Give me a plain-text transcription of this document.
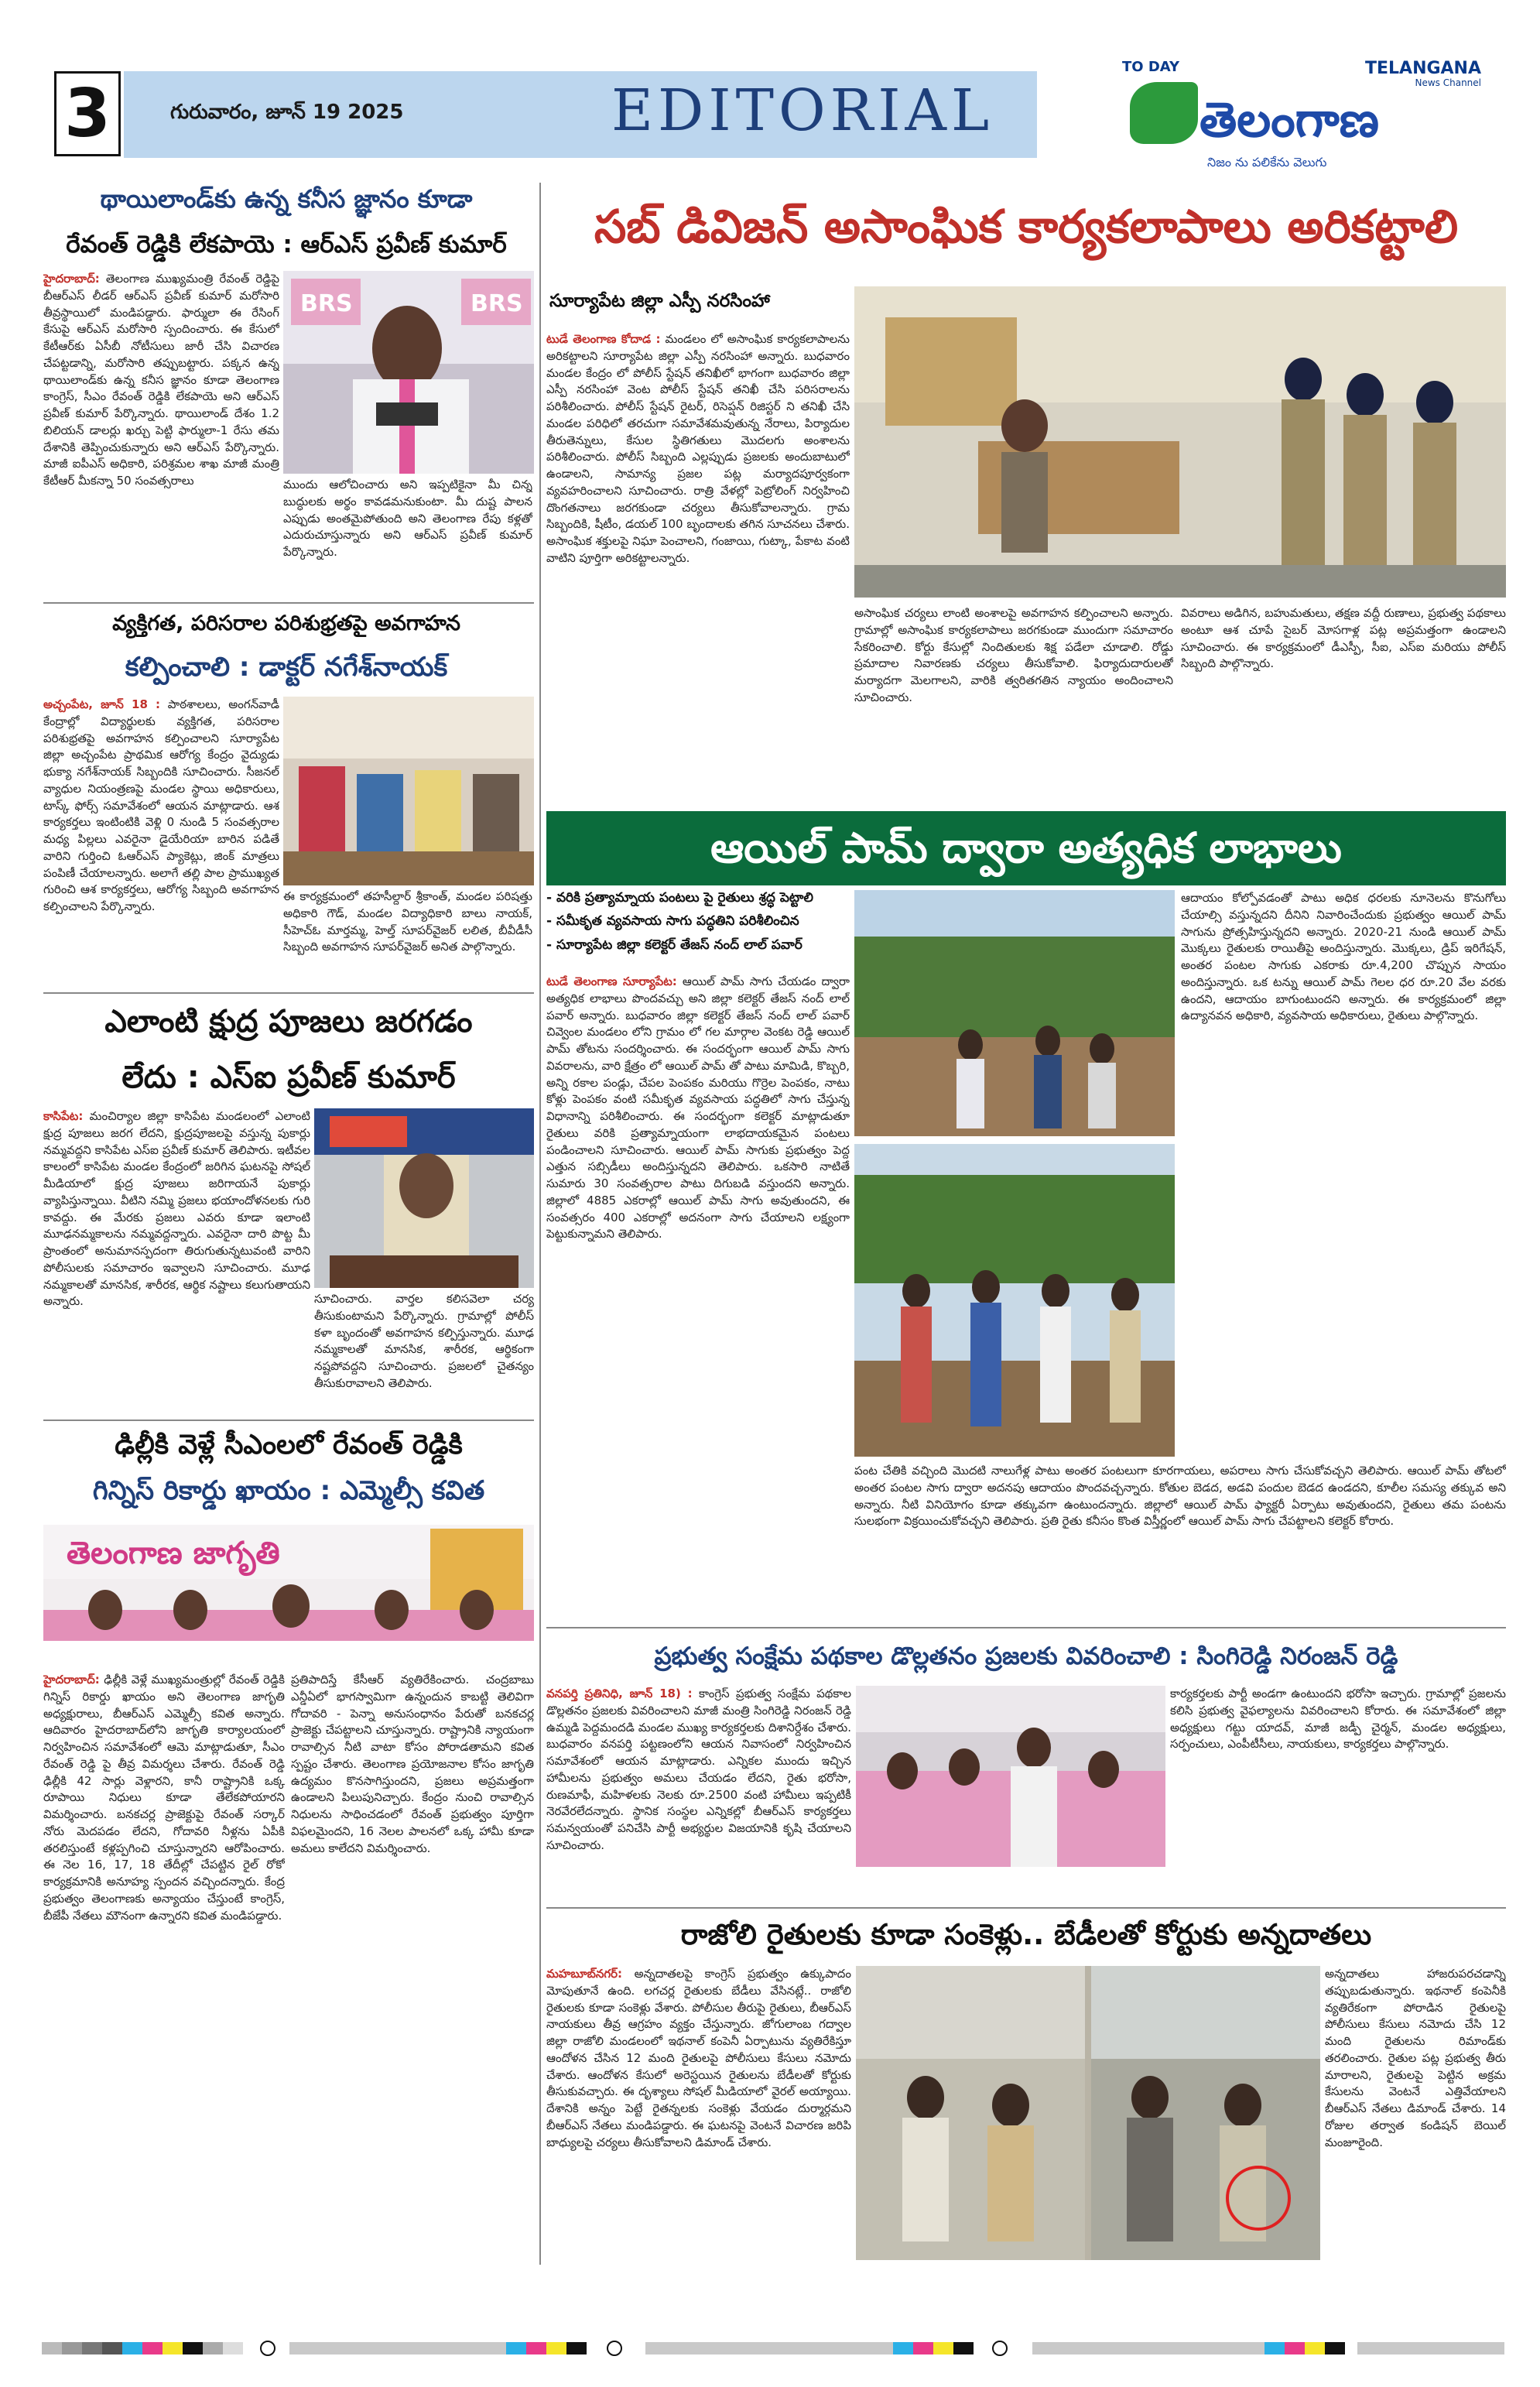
3	గురువారం, జూన్ 19 2025	EDITORIAL
TO DAY	TELANGANA
News Channel
తెలంగాణ
నిజం ను పలికేను వెలుగు
థాయిలాండ్‌కు ఉన్న కనీస జ్ఞానం కూడా
రేవంత్ రెడ్డికి లేకపాయె : ఆర్ఎస్ ప్రవీణ్ కుమార్
హైదరాబాద్: తెలంగాణ ముఖ్యమంత్రి రేవంత్ రెడ్డిపై బీఆర్ఎస్ లీడర్ ఆర్ఎస్ ప్రవీణ్ కుమార్ మరోసారి తీవ్రస్థాయిలో మండిపడ్డారు. ఫార్ములా ఈ రేసింగ్ కేసుపై ఆర్ఎస్ మరోసారి స్పందించారు. ఈ కేసులో కేటీఆర్‌కు ఏసీబీ నోటీసులు జారీ చేసి విచారణ చేపట్టడాన్ని, మరోసారి తప్పుబట్టారు. పక్కన ఉన్న థాయిలాండ్‌కు ఉన్న కనీస జ్ఞానం కూడా తెలంగాణ కాంగ్రెస్, సీఎం రేవంత్ రెడ్డికి లేకపాయె అని ఆర్ఎస్ ప్రవీణ్ కుమార్ పేర్కొన్నారు. థాయిలాండ్ దేశం 1.2 బిలియన్ డాలర్లు ఖర్చు పెట్టి ఫార్ములా-1 రేసు తమ దేశానికి తెప్పించుకున్నారు అని ఆర్ఎస్ పేర్కొన్నారు. మాజీ ఐపీఎస్ అధికారి, పరిశ్రమల శాఖ మాజీ మంత్రి కేటీఆర్ మీకన్నా 50 సంవత్సరాలు
BRS	BRS
ముందు ఆలోచించారు అని ఇప్పటికైనా మీ చిన్న బుద్ధులకు అర్థం కావడమనుకుంటా. మీ దుష్ట పాలన ఎప్పుడు అంతమైపోతుంది అని తెలంగాణ రేపు కళ్లతో ఎదురుచూస్తున్నారు అని ఆర్ఎస్ ప్రవీణ్ కుమార్ పేర్కొన్నారు.
వ్యక్తిగత, పరిసరాల పరిశుభ్రతపై అవగాహన
కల్పించాలి : డాక్టర్ నగేశ్‌నాయక్
అచ్చంపేట, జూన్ 18 : పాఠశాలలు, అంగన్‌వాడీ కేంద్రాల్లో విద్యార్థులకు వ్యక్తిగత, పరిసరాల పరిశుభ్రతపై అవగాహన కల్పించాలని సూర్యాపేట జిల్లా అచ్చంపేట ప్రాథమిక ఆరోగ్య కేంద్రం వైద్యుడు భుక్యా నగేశ్‌నాయక్ సిబ్బందికి సూచించారు. సీజనల్ వ్యాధుల నియంత్రణపై మండల స్థాయి అధికారులు, టాస్క్ ఫోర్స్ సమావేశంలో ఆయన మాట్లాడారు. ఆశ కార్యకర్తలు ఇంటింటికి వెళ్లి 0 నుండి 5 సంవత్సరాల మధ్య పిల్లలు ఎవరైనా డైయేరియా బారిన పడితే వారిని గుర్తించి ఓఆర్ఎస్ ప్యాకెట్లు, జింక్ మాత్రలు పంపిణీ చేయాలన్నారు. అలాగే తల్లి పాల ప్రాముఖ్యత గురించి ఆశ కార్యకర్తలు, ఆరోగ్య సిబ్బంది అవగాహన కల్పించాలని పేర్కొన్నారు.
ఈ కార్యక్రమంలో తహసీల్దార్ శ్రీకాంత్, మండల పరిషత్తు అధికారి గౌడ్, మండల విద్యాధికారి బాలు నాయక్, సీహెచ్ఓ మార్తమ్మ, హెల్త్ సూపర్‌వైజర్ లలిత, బీవీడీసీ సిబ్బంది అవగాహన సూపర్‌వైజర్ అనిత పాల్గొన్నారు.
ఎలాంటి క్షుద్ర పూజలు జరగడం
లేదు : ఎస్ఐ ప్రవీణ్ కుమార్
కాసిపేట: మంచిర్యాల జిల్లా కాసిపేట మండలంలో ఎలాంటి క్షుద్ర పూజలు జరగ లేదని, క్షుద్రపూజలపై వస్తున్న పుకార్లు నమ్మవద్దని కాసిపేట ఎస్ఐ ప్రవీణ్ కుమార్ తెలిపారు. ఇటీవల కాలంలో కాసిపేట మండల కేంద్రంలో జరిగిన ఘటనపై సోషల్ మీడియాలో క్షుద్ర పూజలు జరిగాయనే పుకార్లు వ్యాపిస్తున్నాయి. వీటిని నమ్మి ప్రజలు భయాందోళనలకు గురి కావద్దు. ఈ మేరకు ప్రజలు ఎవరు కూడా ఇలాంటి మూఢనమ్మకాలను నమ్మవద్దన్నారు. ఎవరైనా దారి పొట్ట మీ ప్రాంతంలో అనుమానస్పదంగా తిరుగుతున్నటువంటి వారిని పోలీసులకు సమాచారం ఇవ్వాలని సూచించారు. మూఢ నమ్మకాలతో మానసిక, శారీరక, ఆర్థిక నష్టాలు కలుగుతాయని అన్నారు.	సూచించారు. వార్తల కలిసవెలా చర్య తీసుకుంటామని పేర్కొన్నారు. గ్రామాల్లో పోలీస్ కళా బృందంతో అవగాహన కల్పిస్తున్నారు. మూఢ నమ్మకాలతో మానసిక, శారీరక, ఆర్థికంగా నష్టపోవద్దని సూచించారు. ప్రజలలో చైతన్యం తీసుకురావాలని తెలిపారు.
ఢిల్లీకి వెళ్లే సీఎంలలో రేవంత్ రెడ్డికి
గిన్నిస్ రికార్డు ఖాయం : ఎమ్మెల్సీ కవిత
తెలంగాణ జాగృతి
హైదరాబాద్: ఢిల్లీకి వెళ్లే ముఖ్యమంత్రుల్లో రేవంత్ రెడ్డికి గిన్నిస్ రికార్డు ఖాయం అని తెలంగాణ జాగృతి అధ్యక్షురాలు, బీఆర్ఎస్ ఎమ్మెల్సీ కవిత అన్నారు. ఆదివారం హైదరాబాద్‌లోని జాగృతి కార్యాలయంలో నిర్వహించిన సమావేశంలో ఆమె మాట్లాడుతూ, సీఎం రేవంత్ రెడ్డి పై తీవ్ర విమర్శలు చేశారు. రేవంత్ రెడ్డి ఢిల్లీకి 42 సార్లు వెళ్లారని, కానీ రాష్ట్రానికి ఒక్క రూపాయి నిధులు కూడా తేలేకపోయారని విమర్శించారు. బనకచర్ల ప్రాజెక్టుపై రేవంత్ సర్కార్ నోరు మెదపడం లేదని, గోదావరి నీళ్లను ఏపీకి తరలిస్తుంటే కళ్లప్పగించి చూస్తున్నారని ఆరోపించారు. ఈ నెల 16, 17, 18 తేదీల్లో చేపట్టిన రైల్ రోకో కార్యక్రమానికి అనూహ్య స్పందన వచ్చిందన్నారు. కేంద్ర ప్రభుత్వం తెలంగాణకు అన్యాయం చేస్తుంటే కాంగ్రెస్, బీజేపీ నేతలు మౌనంగా ఉన్నారని కవిత మండిపడ్డారు.
ప్రతిపాదిస్తే కేసీఆర్ వ్యతిరేకించారు. చంద్రబాబు ఎన్డీఏలో భాగస్వామిగా ఉన్నందున కాబట్టి తెలివిగా గోదావరి - పెన్నా అనుసంధానం పేరుతో బనకచర్ల ప్రాజెక్టు చేపట్టాలని చూస్తున్నారు. రాష్ట్రానికి న్యాయంగా రావాల్సిన నీటి వాటా కోసం పోరాడతామని కవిత స్పష్టం చేశారు. తెలంగాణ ప్రయోజనాల కోసం జాగృతి ఉద్యమం కొనసాగిస్తుందని, ప్రజలు అప్రమత్తంగా ఉండాలని పిలుపునిచ్చారు. కేంద్రం నుంచి రావాల్సిన నిధులను సాధించడంలో రేవంత్ ప్రభుత్వం పూర్తిగా విఫలమైందని, 16 నెలల పాలనలో ఒక్క హామీ కూడా అమలు కాలేదని విమర్శించారు.
సబ్ డివిజన్ అసాంఘిక కార్యకలాపాలు అరికట్టాలి
సూర్యాపేట జిల్లా ఎస్పీ నరసింహా
టుడే తెలంగాణ కోదాడ : మండలం లో అసాంఘిక కార్యకలాపాలను అరికట్టాలని సూర్యాపేట జిల్లా ఎస్పీ నరసింహా అన్నారు. బుధవారం మండల కేంద్రం లో పోలీస్ స్టేషన్ తనిఖీలో భాగంగా బుధవారం జిల్లా ఎస్పీ నరసింహా వెంట పోలీస్ స్టేషన్ తనిఖీ చేసి పరిసరాలను పరిశీలించారు. పోలీస్ స్టేషన్ రైటర్, రిసెప్షన్ రిజిస్టర్ ని తనిఖీ చేసి మండల పరిధిలో తరచుగా సమావేశమవుతున్న నేరాలు, పిర్యాదుల తీరుతెన్నులు, కేసుల స్థితిగతులు మొదలగు అంశాలను పరిశీలించారు. పోలీస్ సిబ్బంది ఎల్లప్పుడు ప్రజలకు అందుబాటులో ఉండాలని, సామాన్య ప్రజల పట్ల మర్యాదపూర్వకంగా వ్యవహరించాలని సూచించారు. రాత్రి వేళల్లో పెట్రోలింగ్ నిర్వహించి దొంగతనాలు జరగకుండా చర్యలు తీసుకోవాలన్నారు. గ్రామ సిబ్బందికి, షీటీం, డయల్ 100 బృందాలకు తగిన సూచనలు చేశారు. అసాంఘిక శక్తులపై నిఘా పెంచాలని, గంజాయి, గుట్కా, పేకాట వంటి వాటిని పూర్తిగా అరికట్టాలన్నారు.
అసాంఘిక చర్యలు లాంటి అంశాలపై అవగాహన కల్పించాలని అన్నారు. గ్రామాల్లో అసాంఘిక కార్యకలాపాలు జరగకుండా ముందుగా సమాచారం సేకరించాలి. కోర్టు కేసుల్లో నిందితులకు శిక్ష పడేలా చూడాలి. రోడ్డు ప్రమాదాల నివారణకు చర్యలు తీసుకోవాలి. ఫిర్యాదుదారులతో మర్యాదగా మెలగాలని, వారికి త్వరితగతిన న్యాయం అందించాలని సూచించారు.
వివరాలు అడిగిన, బహుమతులు, తక్షణ వద్దీ రుణాలు, ప్రభుత్వ పథకాలు అంటూ ఆశ చూపే సైబర్ మోసగాళ్ల పట్ల అప్రమత్తంగా ఉండాలని సూచించారు. ఈ కార్యక్రమంలో డీఎస్పీ, సీఐ, ఎస్ఐ మరియు పోలీస్ సిబ్బంది పాల్గొన్నారు.
ఆయిల్ పామ్ ద్వారా అత్యధిక లాభాలు
- వరికి ప్రత్యామ్నాయ పంటలు పై రైతులు శ్రద్ధ పెట్టాలి
- సమీకృత వ్యవసాయ సాగు పద్ధతిని పరిశీలించిన
- సూర్యాపేట జిల్లా కలెక్టర్ తేజస్ నంద్ లాల్ పవార్
టుడే తెలంగాణ సూర్యాపేట: ఆయిల్ పామ్ సాగు చేయడం ద్వారా అత్యధిక లాభాలు పొందవచ్చు అని జిల్లా కలెక్టర్ తేజస్ నంద్ లాల్ పవార్ అన్నారు. బుధవారం జిల్లా కలెక్టర్ తేజస్ నంద్ లాల్ పవార్ చివ్వెంల మండలం లోని గ్రామం లో గల మార్గాల వెంకట రెడ్డి ఆయిల్ పామ్ తోటను సందర్శించారు. ఈ సందర్భంగా ఆయిల్ పామ్ సాగు వివరాలను, వారి క్షేత్రం లో ఆయిల్ పామ్ తో పాటు మామిడి, కొబ్బరి, అన్ని రకాల పండ్లు, చేపల పెంపకం మరియు గొర్రెల పెంపకం, నాటు కోళ్లు పెంపకం వంటి సమీకృత వ్యవసాయ పద్ధతిలో సాగు చేస్తున్న విధానాన్ని పరిశీలించారు. ఈ సందర్భంగా కలెక్టర్ మాట్లాడుతూ రైతులు వరికి ప్రత్యామ్నాయంగా లాభదాయకమైన పంటలు పండించాలని సూచించారు. ఆయిల్ పామ్ సాగుకు ప్రభుత్వం పెద్ద ఎత్తున సబ్సిడీలు అందిస్తున్నదని తెలిపారు. ఒకసారి నాటితే సుమారు 30 సంవత్సరాల పాటు దిగుబడి వస్తుందని అన్నారు. జిల్లాలో 4885 ఎకరాల్లో ఆయిల్ పామ్ సాగు అవుతుందని, ఈ సంవత్సరం 400 ఎకరాల్లో అదనంగా సాగు చేయాలని లక్ష్యంగా పెట్టుకున్నామని తెలిపారు.
ఆదాయం కోల్పోవడంతో పాటు అధిక ధరలకు నూనెలను కొనుగోలు చేయాల్సి వస్తున్నదని దీనిని నివారించేందుకు ప్రభుత్వం ఆయిల్ పామ్ సాగును ప్రోత్సహిస్తున్నదని అన్నారు. 2020-21 నుండి ఆయిల్ పామ్ మొక్కలు రైతులకు రాయితీపై అందిస్తున్నారు. మొక్కలు, డ్రిప్ ఇరిగేషన్, అంతర పంటల సాగుకు ఎకరాకు రూ.4,200 చొప్పున సాయం అందిస్తున్నారు. ఒక టన్ను ఆయిల్ పామ్ గెలల ధర రూ.20 వేల వరకు ఉందని, ఆదాయం బాగుంటుందని అన్నారు. ఈ కార్యక్రమంలో జిల్లా ఉద్యానవన అధికారి, వ్యవసాయ అధికారులు, రైతులు పాల్గొన్నారు.
పంట చేతికి వచ్చింది మొదటి నాలుగేళ్ల పాటు అంతర పంటలుగా కూరగాయలు, అపరాలు సాగు చేసుకోవచ్చని తెలిపారు. ఆయిల్ పామ్ తోటలో అంతర పంటల సాగు ద్వారా అదనపు ఆదాయం పొందవచ్చన్నారు. కోతుల బెడద, అడవి పందుల బెడద ఉండదని, కూలీల సమస్య తక్కువ అని అన్నారు. నీటి వినియోగం కూడా తక్కువగా ఉంటుందన్నారు. జిల్లాలో ఆయిల్ పామ్ ఫ్యాక్టరీ ఏర్పాటు అవుతుందని, రైతులు తమ పంటను సులభంగా విక్రయించుకోవచ్చని తెలిపారు. ప్రతి రైతు కనీసం కొంత విస్తీర్ణంలో ఆయిల్ పామ్ సాగు చేపట్టాలని కలెక్టర్ కోరారు.
ప్రభుత్వ సంక్షేమ పథకాల డొల్లతనం ప్రజలకు వివరించాలి : సింగిరెడ్డి నిరంజన్ రెడ్డి
వనపర్తి ప్రతినిధి, జూన్ 18) : కాంగ్రెస్ ప్రభుత్వ సంక్షేమ పథకాల డొల్లతనం ప్రజలకు వివరించాలని మాజీ మంత్రి సింగిరెడ్డి నిరంజన్ రెడ్డి ఉమ్మడి పెద్దమందడి మండల ముఖ్య కార్యకర్తలకు దిశానిర్దేశం చేశారు. బుధవారం వనపర్తి పట్టణంలోని ఆయన నివాసంలో నిర్వహించిన సమావేశంలో ఆయన మాట్లాడారు. ఎన్నికల ముందు ఇచ్చిన హామీలను ప్రభుత్వం అమలు చేయడం లేదని, రైతు భరోసా, రుణమాఫీ, మహిళలకు నెలకు రూ.2500 వంటి హామీలు ఇప్పటికీ నెరవేరలేదన్నారు. స్థానిక సంస్థల ఎన్నికల్లో బీఆర్ఎస్ కార్యకర్తలు సమన్వయంతో పనిచేసి పార్టీ అభ్యర్థుల విజయానికి కృషి చేయాలని సూచించారు.
కార్యకర్తలకు పార్టీ అండగా ఉంటుందని భరోసా ఇచ్చారు. గ్రామాల్లో ప్రజలను కలిసి ప్రభుత్వ వైఫల్యాలను వివరించాలని కోరారు. ఈ సమావేశంలో జిల్లా అధ్యక్షులు గట్టు యాదవ్, మాజీ జడ్పీ చైర్మన్, మండల అధ్యక్షులు, సర్పంచులు, ఎంపీటీసీలు, నాయకులు, కార్యకర్తలు పాల్గొన్నారు.
రాజోలి రైతులకు కూడా సంకెళ్లు.. బేడీలతో కోర్టుకు అన్నదాతలు
మహబూబ్‌నగర్: అన్నదాతలపై కాంగ్రెస్ ప్రభుత్వం ఉక్కుపాదం మోపుతూనే ఉంది. లగచర్ల రైతులకు బేడీలు వేసినట్లే.. రాజోలి రైతులకు కూడా సంకెళ్లు వేశారు. పోలీసుల తీరుపై రైతులు, బీఆర్ఎస్ నాయకులు తీవ్ర ఆగ్రహం వ్యక్తం చేస్తున్నారు. జోగులాంబ గద్వాల జిల్లా రాజోలి మండలంలో ఇథనాల్ కంపెనీ ఏర్పాటును వ్యతిరేకిస్తూ ఆందోళన చేసిన 12 మంది రైతులపై పోలీసులు కేసులు నమోదు చేశారు. ఆందోళన కేసులో అరెస్టయిన రైతులను బేడీలతో కోర్టుకు తీసుకువచ్చారు. ఈ దృశ్యాలు సోషల్ మీడియాలో వైరల్ అయ్యాయి. దేశానికి అన్నం పెట్టే రైతన్నలకు సంకెళ్లు వేయడం దుర్మార్గమని బీఆర్ఎస్ నేతలు మండిపడ్డారు. ఈ ఘటనపై వెంటనే విచారణ జరిపి బాధ్యులపై చర్యలు తీసుకోవాలని డిమాండ్ చేశారు.
అన్నదాతలు హాజరుపరచడాన్ని తప్పుబడుతున్నారు. ఇథనాల్ కంపెనీకి వ్యతిరేకంగా పోరాడిన రైతులపై పోలీసులు కేసులు నమోదు చేసి 12 మంది రైతులను రిమాండ్‌కు తరలించారు. రైతుల పట్ల ప్రభుత్వ తీరు మారాలని, రైతులపై పెట్టిన అక్రమ కేసులను వెంటనే ఎత్తివేయాలని బీఆర్ఎస్ నేతలు డిమాండ్ చేశారు. 14 రోజుల తర్వాత కండిషన్ బెయిల్ మంజూరైంది.
